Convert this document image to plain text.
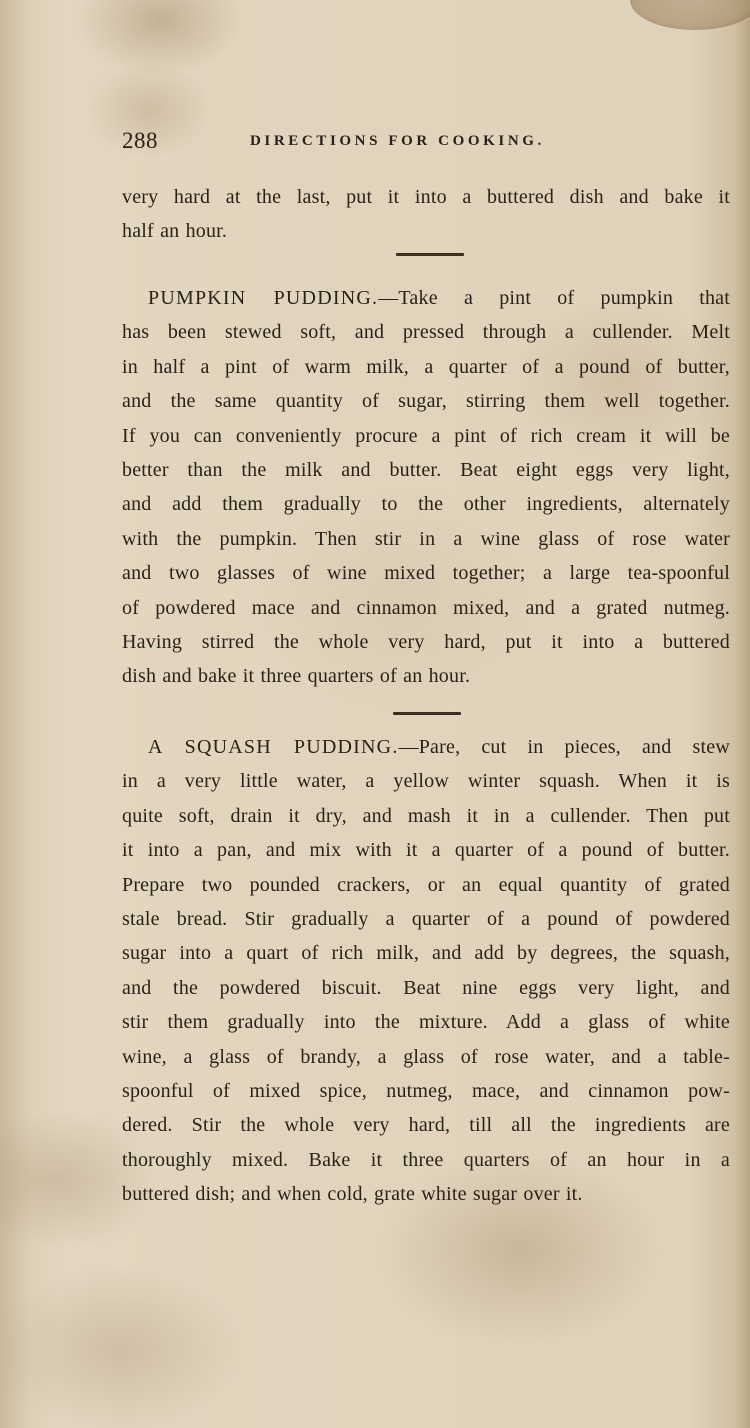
288	DIRECTIONS FOR COOKING.
very hard at the last, put it into a buttered dish and bake it
half an hour.
PUMPKIN PUDDING.—Take a pint of pumpkin that
has been stewed soft, and pressed through a cullender. Melt
in half a pint of warm milk, a quarter of a pound of butter,
and the same quantity of sugar, stirring them well together.
If you can conveniently procure a pint of rich cream it will be
better than the milk and butter. Beat eight eggs very light,
and add them gradually to the other ingredients, alternately
with the pumpkin. Then stir in a wine glass of rose water
and two glasses of wine mixed together; a large tea-spoonful
of powdered mace and cinnamon mixed, and a grated nutmeg.
Having stirred the whole very hard, put it into a buttered
dish and bake it three quarters of an hour.
A SQUASH PUDDING.—Pare, cut in pieces, and stew
in a very little water, a yellow winter squash. When it is
quite soft, drain it dry, and mash it in a cullender. Then put
it into a pan, and mix with it a quarter of a pound of butter.
Prepare two pounded crackers, or an equal quantity of grated
stale bread. Stir gradually a quarter of a pound of powdered
sugar into a quart of rich milk, and add by degrees, the squash,
and the powdered biscuit. Beat nine eggs very light, and
stir them gradually into the mixture. Add a glass of white
wine, a glass of brandy, a glass of rose water, and a table-
spoonful of mixed spice, nutmeg, mace, and cinnamon pow-
dered. Stir the whole very hard, till all the ingredients are
thoroughly mixed. Bake it three quarters of an hour in a
buttered dish; and when cold, grate white sugar over it.
